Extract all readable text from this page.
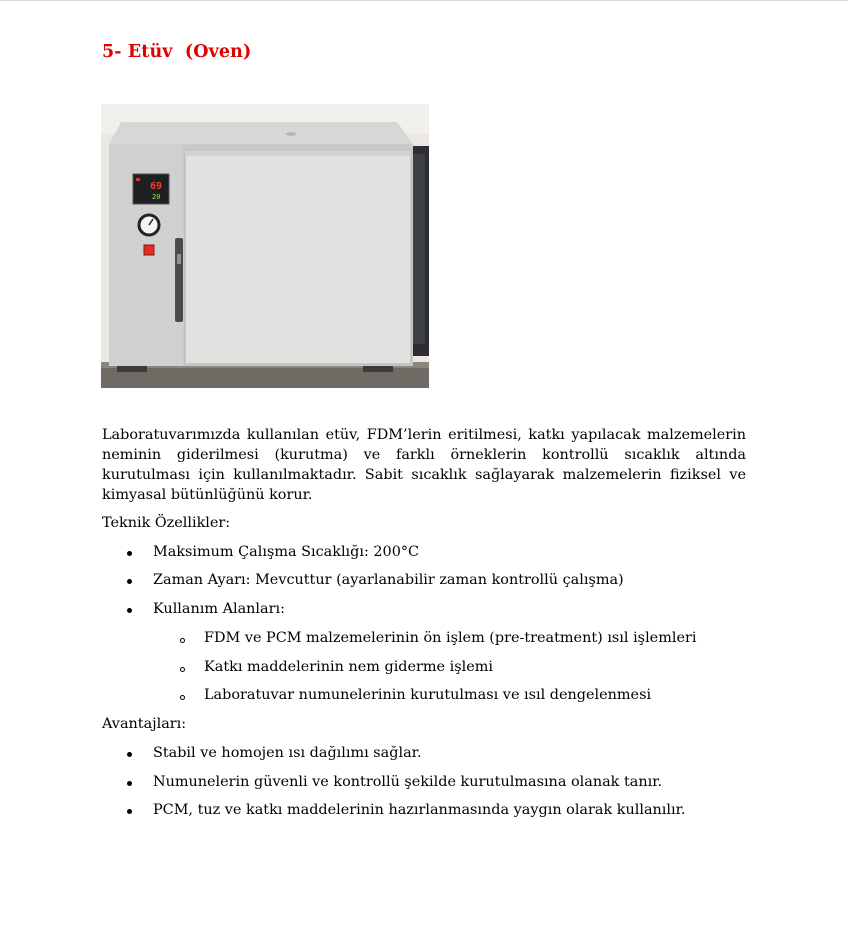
5- Etüv  (Oven)
69
20
Laboratuvarımızda kullanılan etüv, FDM’lerin eritilmesi, katkı yapılacak malzemelerin neminin giderilmesi (kurutma) ve farklı örneklerin kontrollü sıcaklık altında kurutulması için kullanılmaktadır. Sabit sıcaklık sağlayarak malzemelerin fiziksel ve kimyasal bütünlüğünü korur.
Teknik Özellikler:
Maksimum Çalışma Sıcaklığı: 200°C
Zaman Ayarı: Mevcuttur (ayarlanabilir zaman kontrollü çalışma)
Kullanım Alanları:
FDM ve PCM malzemelerinin ön işlem (pre-treatment) ısıl işlemleri
Katkı maddelerinin nem giderme işlemi
Laboratuvar numunelerinin kurutulması ve ısıl dengelenmesi
Avantajları:
Stabil ve homojen ısı dağılımı sağlar.
Numunelerin güvenli ve kontrollü şekilde kurutulmasına olanak tanır.
PCM, tuz ve katkı maddelerinin hazırlanmasında yaygın olarak kullanılır.
